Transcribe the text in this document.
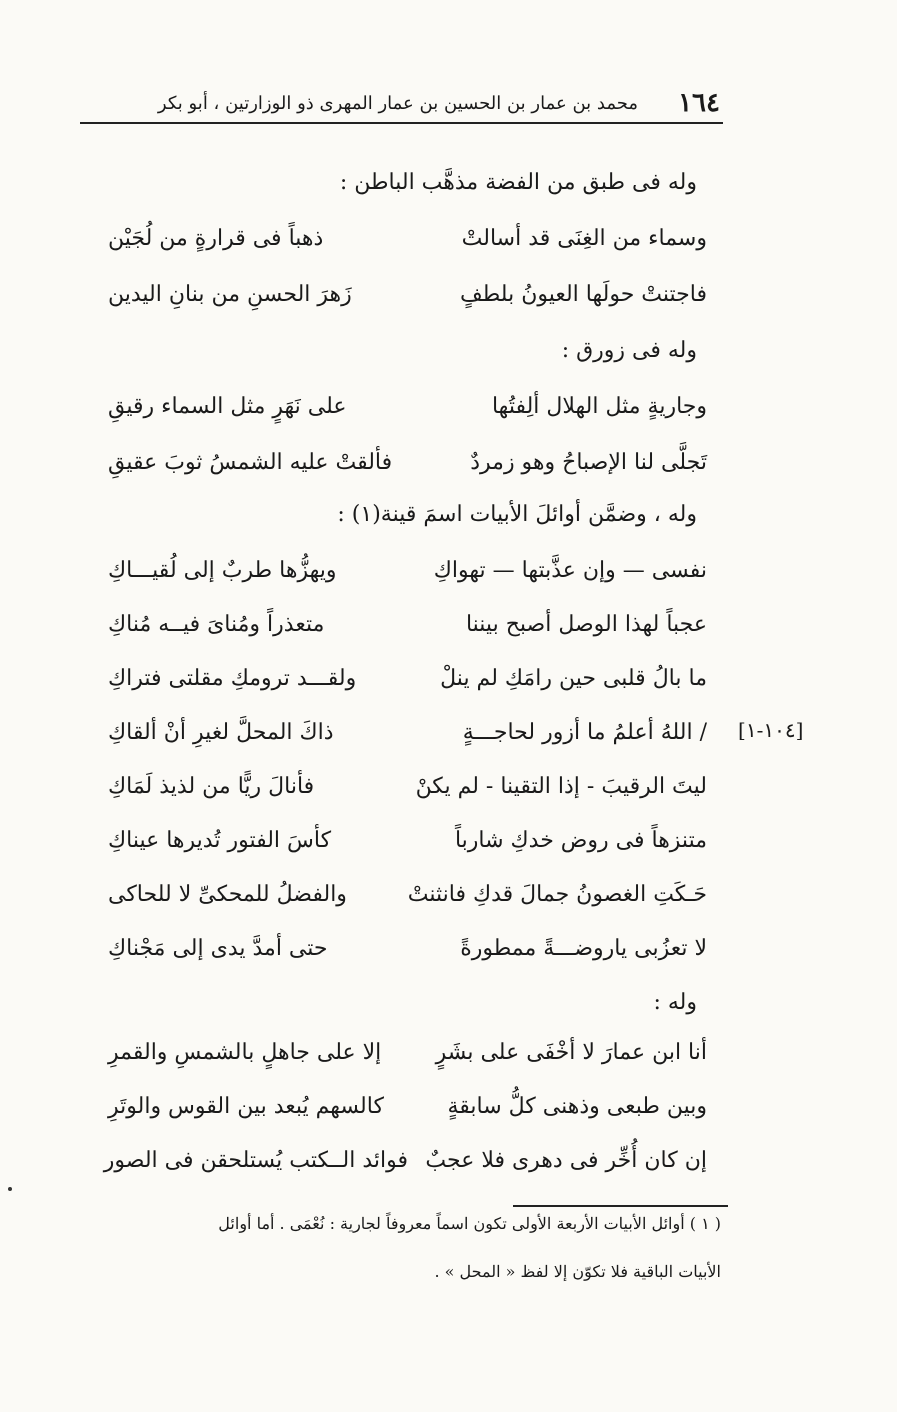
١٦٤
محمد بن عمار بن الحسين بن عمار المهرى ذو الوزارتين ، أبو بكر
وله فى طبق من الفضة مذهَّب الباطن :
وسماء من الغِنَى قد أسالتْ
ذهباً فى قرارةٍ من لُجَيْن
فاجتنتْ حولَها العيونُ بلطفٍ
زَهرَ الحسنِ من بنانِ اليدين
وله فى زورق :
وجاريةٍ مثل الهلال ألِفتُها
على نَهَرٍ مثل السماء رقيقِ
تَجلَّى لنا الإصباحُ وهو زمردٌ
فألقتْ عليه الشمسُ ثوبَ عقيقِ
وله ، وضمَّن أوائلَ الأبيات اسمَ قينة(١) :
نفسى — وإن عذَّبتها — تهواكِ
ويهزُّها طربٌ إلى لُقيـــاكِ
عجباً لهذا الوصل أصبح بيننا
متعذراً ومُناىَ فيــه مُناكِ
ما بالُ قلبى حين رامَكِ لم ينلْ
ولقـــد ترومكِ مقلتى فتراكِ
/ اللهُ أعلمُ ما أزور لحاجـــةٍ
ذاكَ المحلَّ لغيرِ أنْ ألقاكِ
ليتَ الرقيبَ - إذا التقينا - لم يكنْ
فأنالَ ريًّا من لذيذ لَمَاكِ
متنزهاً فى روض خدكِ شارباً
كأسَ الفتور تُديرها عيناكِ
حَـكَتِ الغصونُ جمالَ قدكِ فانثنتْ
والفضلُ للمحكىِّ لا للحاكى
لا تعزُبى ياروضـــةً ممطورةً
حتى أمدَّ يدى إلى مَجْناكِ
[١٠٤-١]
وله :
أنا ابن عمارَ لا أخْفَى على بشَرٍ
إلا على جاهلٍ بالشمسِ والقمرِ
وبين طبعى وذهنى كلُّ سابقةٍ
كالسهم يُبعد بين القوس والوتَرِ
إن كان أُخِّر فى دهرى فلا عجبٌ
فوائد الــكتب يُستلحقن فى الصور
( ١ ) أوائل الأبيات الأربعة الأولى تكون اسماً معروفاً لجارية : نُعْمَى . أما أوائل
الأبيات الباقية فلا تكوّن إلا لفظ « المحل » .
